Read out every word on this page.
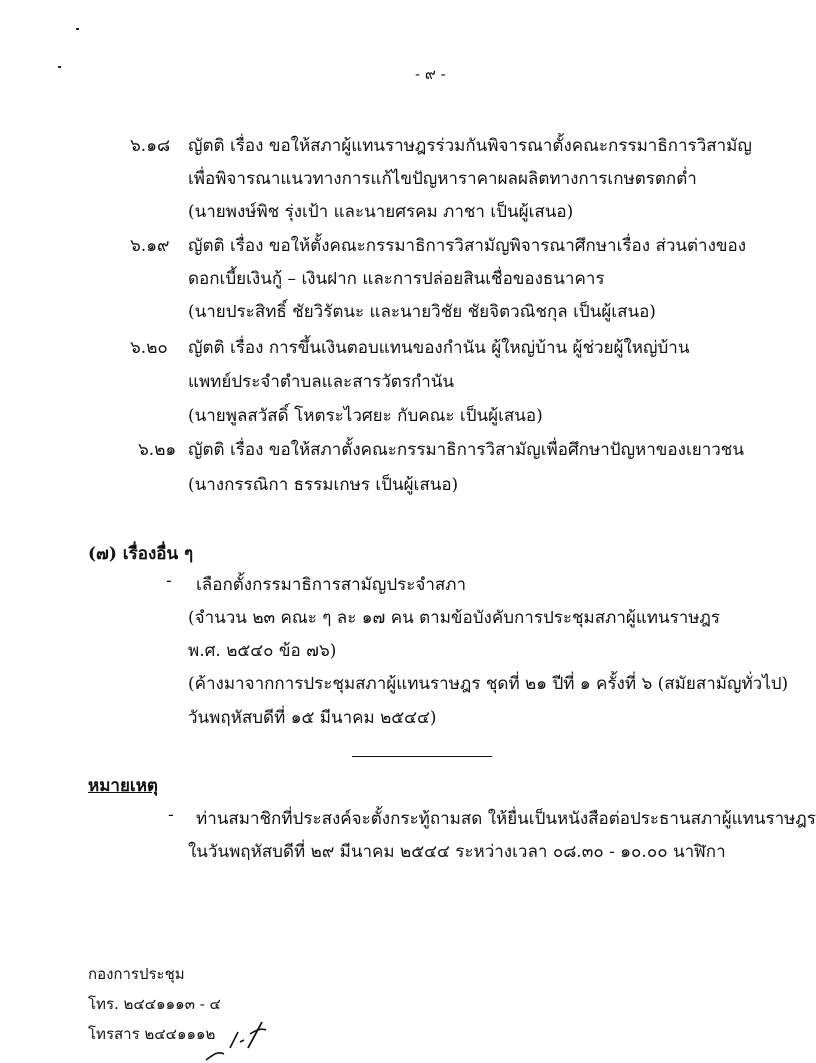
- ๙ -
๖.๑๘ ญัตติ เรื่อง ขอให้สภาผู้แทนราษฎรร่วมกันพิจารณาตั้งคณะกรรมาธิการวิสามัญ
เพื่อพิจารณาแนวทางการแก้ไขปัญหาราคาผลผลิตทางการเกษตรตกต่ำ
(นายพงษ์พิช รุ่งเป้า และนายศรคม ภาชา เป็นผู้เสนอ)
๖.๑๙ ญัตติ เรื่อง ขอให้ตั้งคณะกรรมาธิการวิสามัญพิจารณาศึกษาเรื่อง ส่วนต่างของ
ดอกเบี้ยเงินกู้ – เงินฝาก และการปล่อยสินเชื่อของธนาคาร
(นายประสิทธิ์ ชัยวิรัตนะ และนายวิชัย ชัยจิตวณิชกุล เป็นผู้เสนอ)
๖.๒๐ ญัตติ เรื่อง การขึ้นเงินตอบแทนของกำนัน ผู้ใหญ่บ้าน ผู้ช่วยผู้ใหญ่บ้าน
แพทย์ประจำตำบลและสารวัตรกำนัน
(นายพูลสวัสดิ์ โหตระไวศยะ กับคณะ เป็นผู้เสนอ)
๖.๒๑ ญัตติ เรื่อง ขอให้สภาตั้งคณะกรรมาธิการวิสามัญเพื่อศึกษาปัญหาของเยาวชน
(นางกรรณิกา ธรรมเกษร เป็นผู้เสนอ)
(๗) เรื่องอื่น ๆ
- เลือกตั้งกรรมาธิการสามัญประจำสภา
(จำนวน ๒๓ คณะ ๆ ละ ๑๗ คน ตามข้อบังคับการประชุมสภาผู้แทนราษฎร
พ.ศ. ๒๕๔๐ ข้อ ๗๖)
(ค้างมาจากการประชุมสภาผู้แทนราษฎร ชุดที่ ๒๑ ปีที่ ๑ ครั้งที่ ๖ (สมัยสามัญทั่วไป)
วันพฤหัสบดีที่ ๑๕ มีนาคม ๒๕๔๔)
หมายเหตุ
- ท่านสมาชิกที่ประสงค์จะตั้งกระทู้ถามสด ให้ยื่นเป็นหนังสือต่อประธานสภาผู้แทนราษฎร
ในวันพฤหัสบดีที่ ๒๙ มีนาคม ๒๕๔๔ ระหว่างเวลา ๐๘.๓๐ - ๑๐.๐๐ นาฬิกา
กองการประชุม
โทร. ๒๔๔๑๑๑๓ - ๔
โทรสาร ๒๔๔๑๑๑๒
